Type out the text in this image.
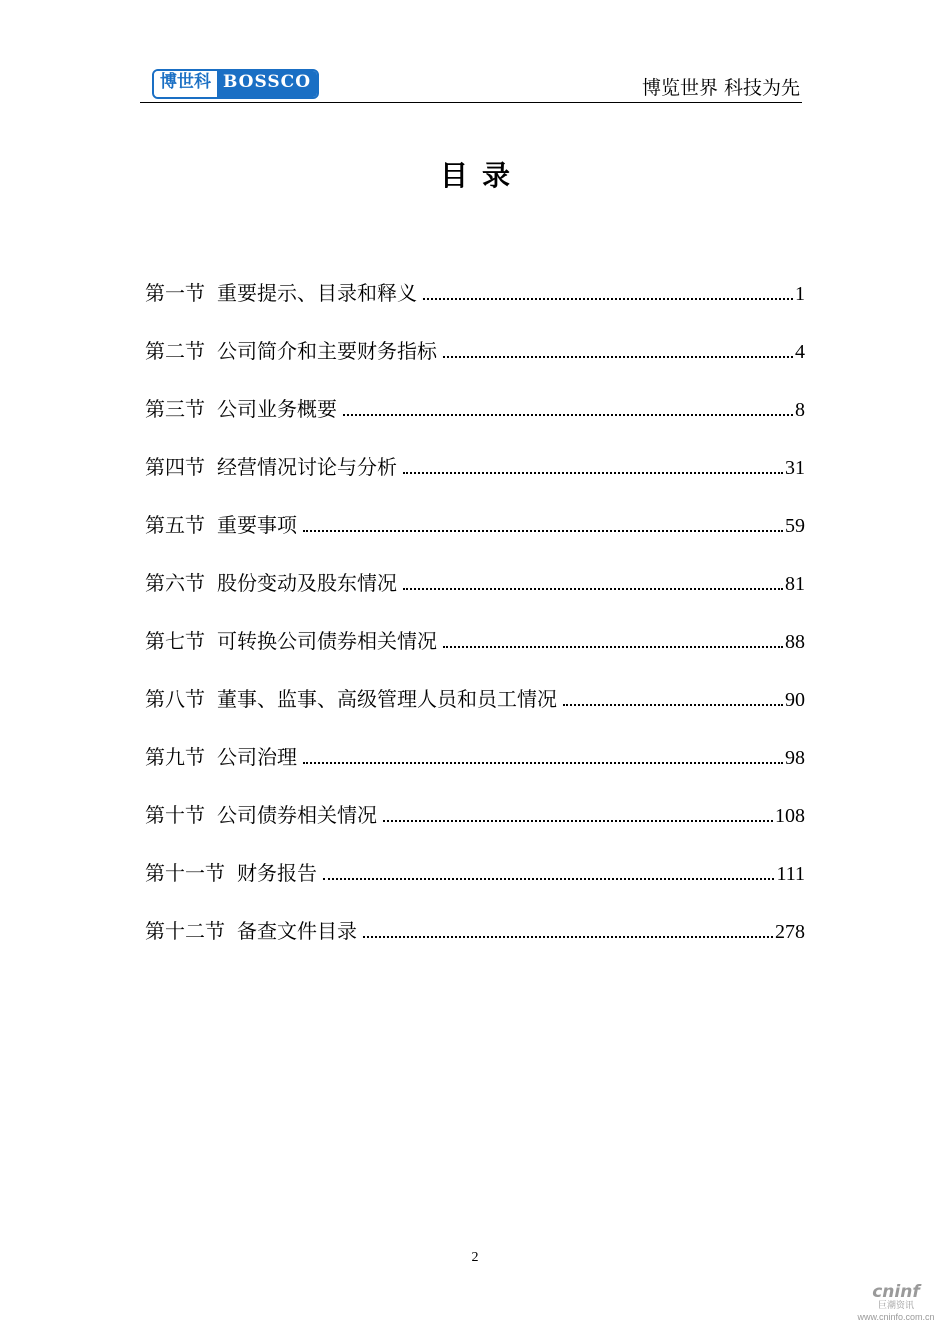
博世科 BOSSCO	博览世界 科技为先
目录
第一节 重要提示、目录和释义	1
第二节 公司简介和主要财务指标	4
第三节 公司业务概要	8
第四节 经营情况讨论与分析	31
第五节 重要事项	59
第六节 股份变动及股东情况	81
第七节 可转换公司债券相关情况	88
第八节 董事、监事、高级管理人员和员工情况	90
第九节 公司治理	98
第十节 公司债券相关情况	108
第十一节 财务报告	111
第十二节 备查文件目录	278
2
cninf
巨潮资讯
www.cninfo.com.cn
